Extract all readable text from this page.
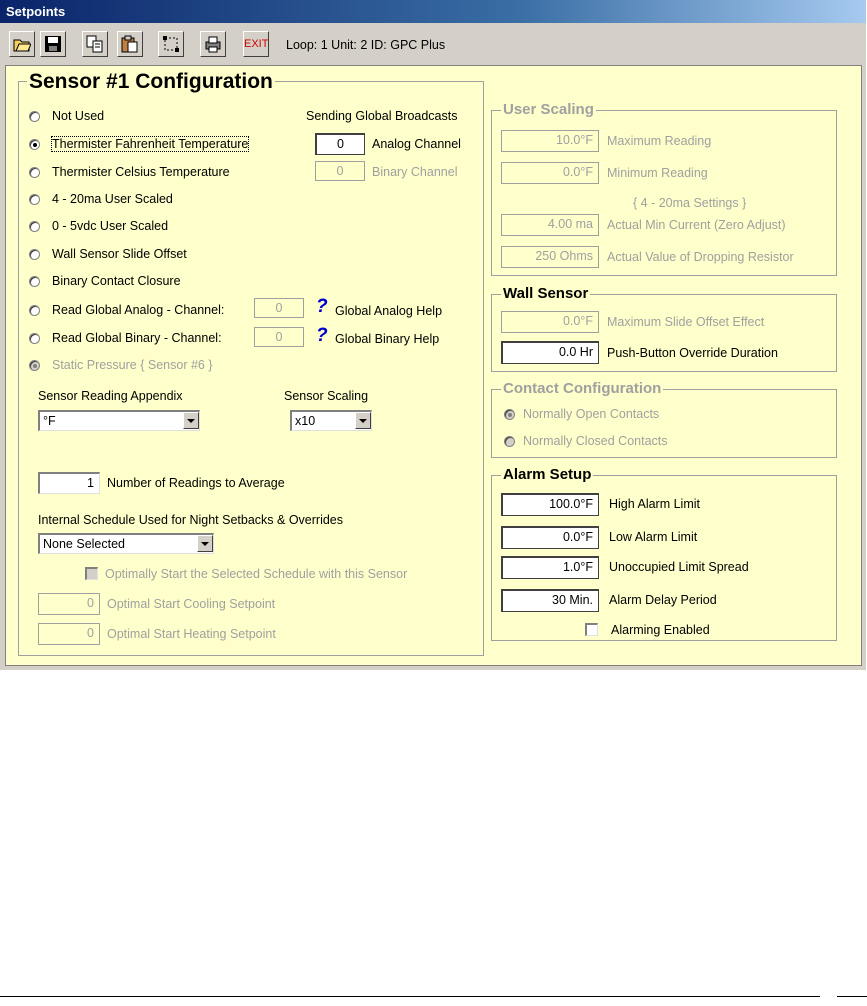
Setpoints
EXIT Loop: 1 Unit: 2 ID: GPC Plus
Sensor #1 Configuration
Not Used
Thermister Fahrenheit Temperature
Thermister Celsius Temperature
4 - 20ma User Scaled
0 - 5vdc User Scaled
Wall Sensor Slide Offset
Binary Contact Closure
Read Global Analog - Channel:	0	? Global Analog Help
Read Global Binary - Channel:	0	? Global Binary Help
Static Pressure { Sensor #6 }
Sending Global Broadcasts
0	Analog Channel
0	Binary Channel
Sensor Reading Appendix
°F
Sensor Scaling
x10
1	Number of Readings to Average
Internal Schedule Used for Night Setbacks & Overrides
None Selected
Optimally Start the Selected Schedule with this Sensor
0	Optimal Start Cooling Setpoint
0	Optimal Start Heating Setpoint
User Scaling
10.0°F	Maximum Reading
0.0°F	Minimum Reading
{ 4 - 20ma Settings }
4.00 ma	Actual Min Current (Zero Adjust)
250 Ohms	Actual Value of Dropping Resistor
Wall Sensor
0.0°F	Maximum Slide Offset Effect
0.0 Hr	Push-Button Override Duration
Contact Configuration
Normally Open Contacts
Normally Closed Contacts
Alarm Setup
100.0°F	High Alarm Limit
0.0°F	Low Alarm Limit
1.0°F	Unoccupied Limit Spread
30 Min.	Alarm Delay Period
Alarming Enabled
